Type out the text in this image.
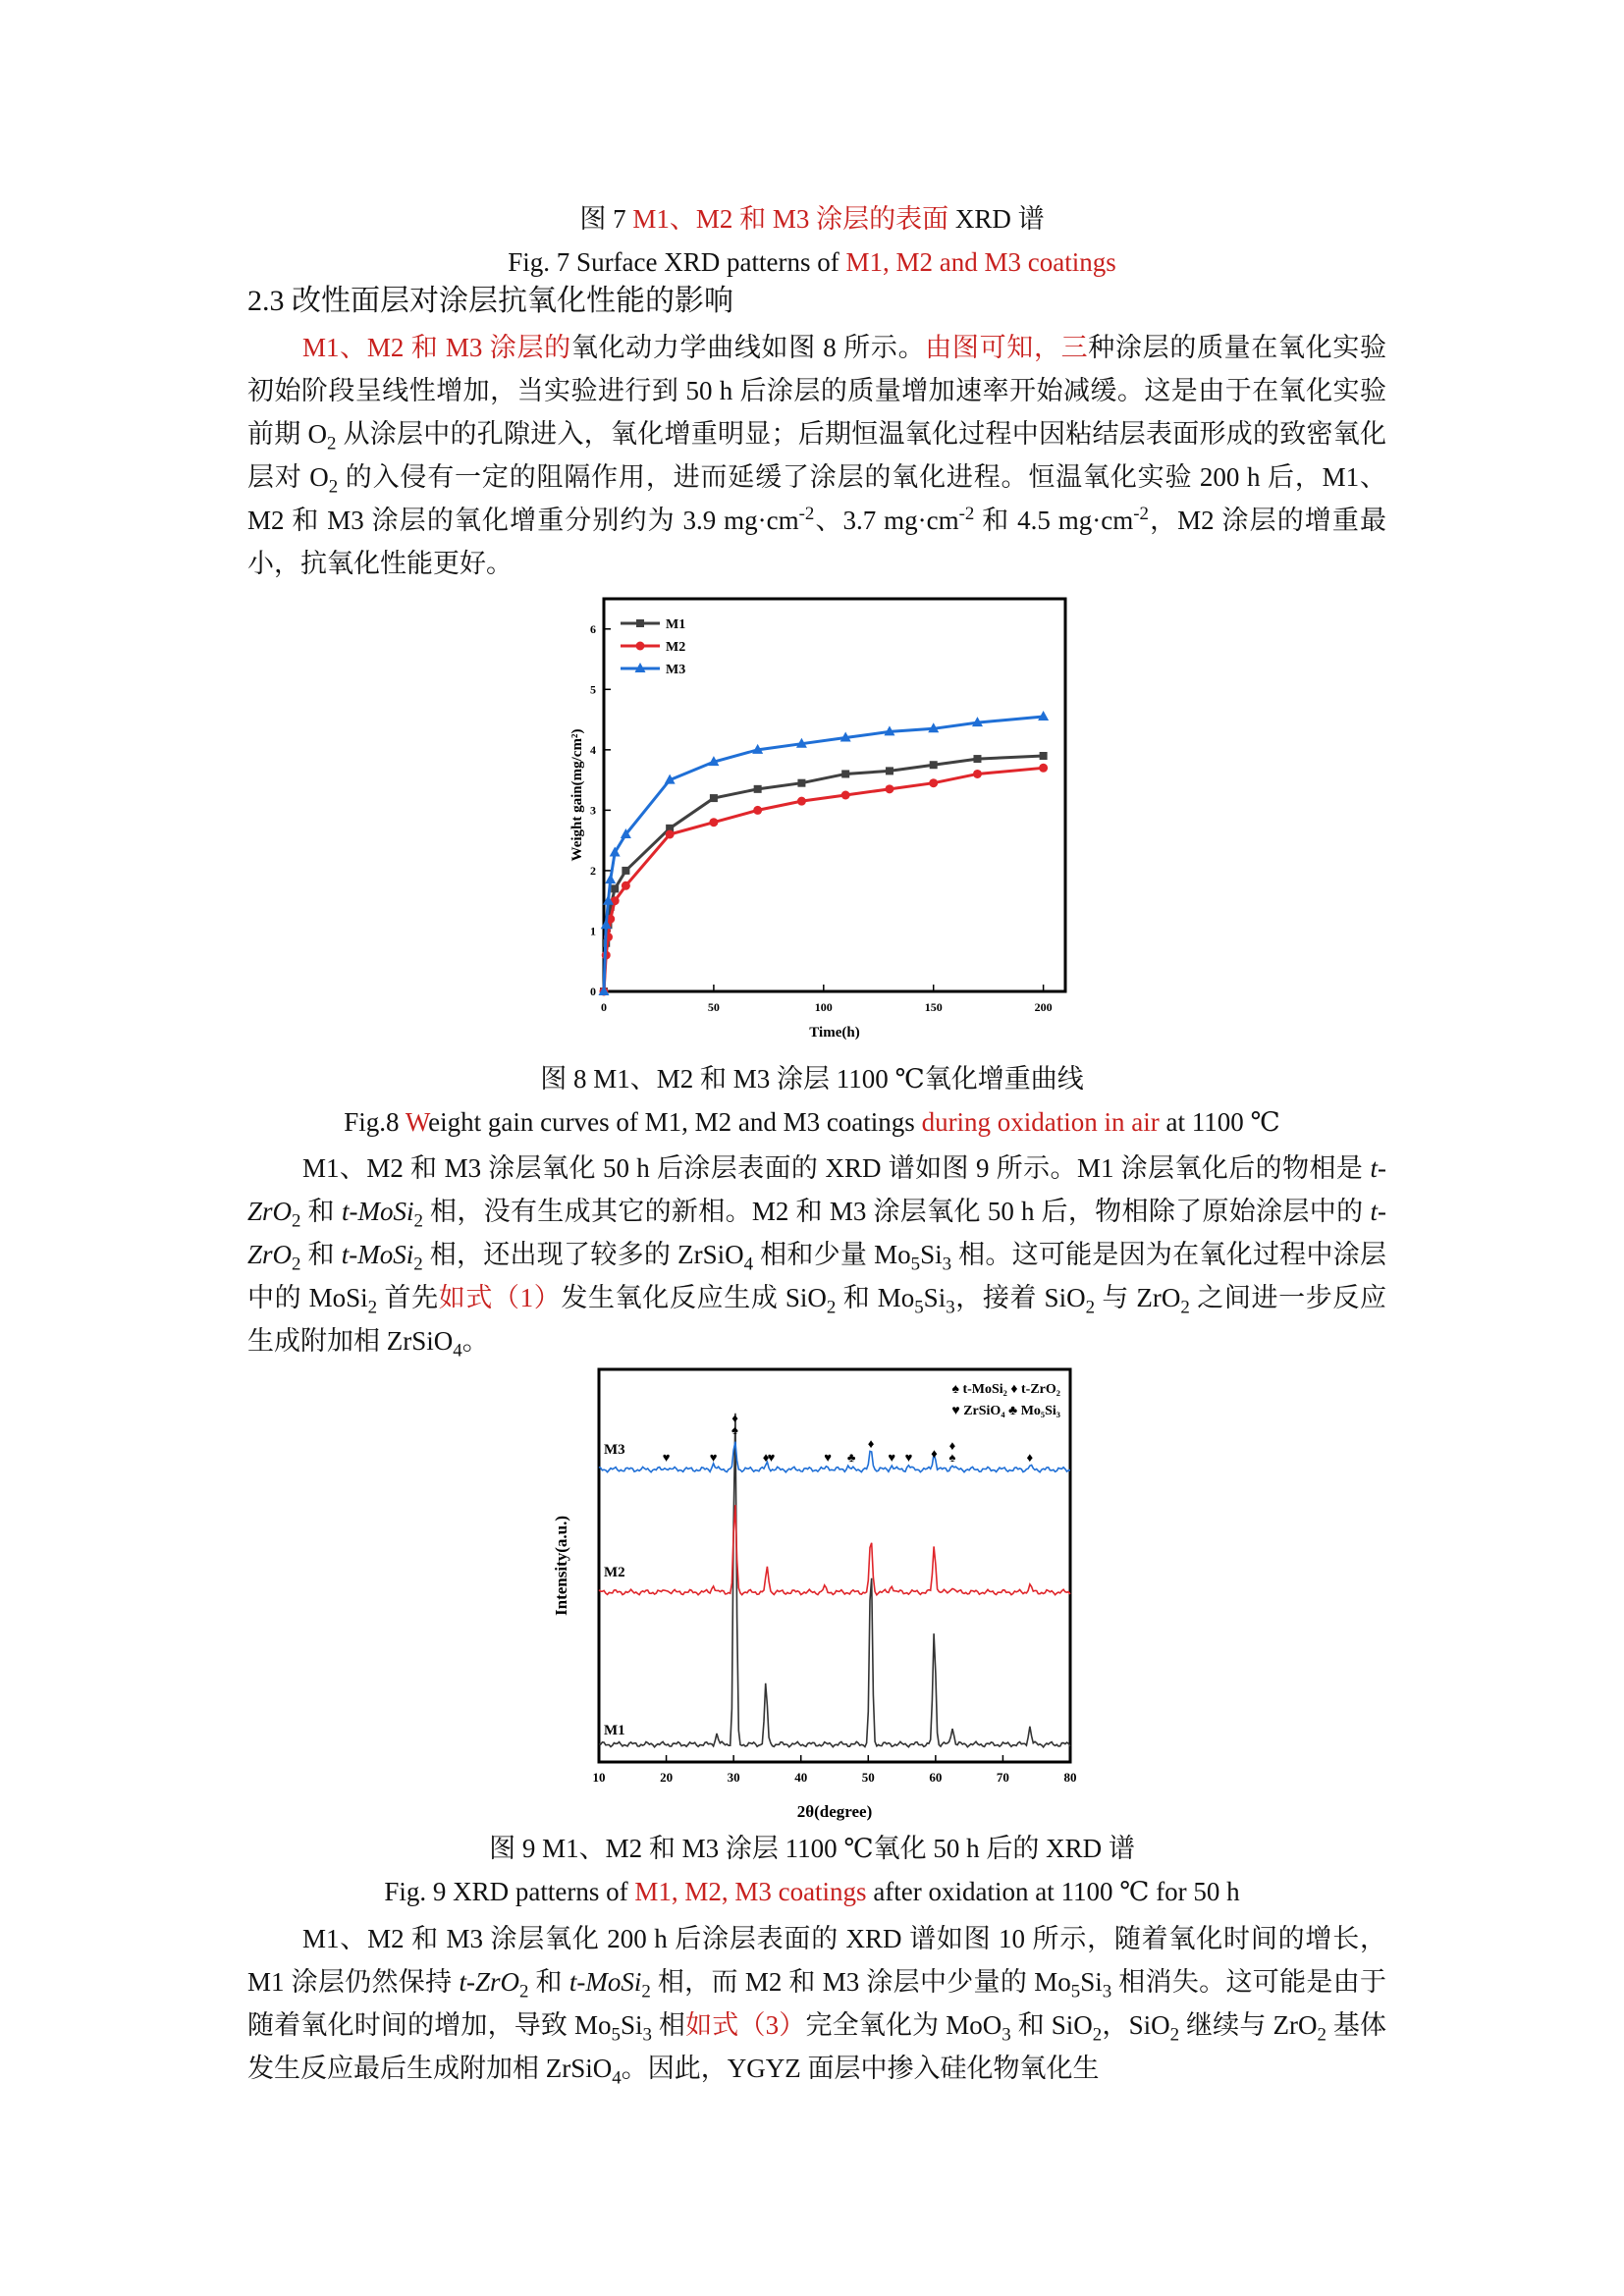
图 7 M1、M2 和 M3 涂层的表面 XRD 谱
Fig. 7 Surface XRD patterns of M1, M2 and M3 coatings
2.3 改性面层对涂层抗氧化性能的影响

M1、M2 和 M3 涂层的氧化动力学曲线如图 8 所示。由图可知，三种涂层的质量在氧化实验初始阶段呈线性增加，当实验进行到 50 h 后涂层的质量增加速率开始减缓。这是由于在氧化实验前期 $O_2$ 从涂层中的孔隙进入，氧化增重明显；后期恒温氧化过程中因粘结层表面形成的致密氧化层对 $O_2$ 的入侵有一定的阻隔作用，进而延缓了涂层的氧化进程。恒温氧化实验 200 h 后，M1、M2 和 M3 涂层的氧化增重分别约为 3.9 $mg\cdot cm^{-2}$、3.7 $mg\cdot cm^{-2}$ 和 4.5 $mg\cdot cm^{-2}$，M2 涂层的增重最小，抗氧化性能更好。

0	50	100	150	200
0
1
2
3
4
5
6	M1
M2
M3
Time(h)
Weight gain(mg/cm²)
图 8 M1、M2 和 M3 涂层 1100 ℃氧化增重曲线
Fig.8 Weight gain curves of M1, M2 and M3 coatings during oxidation in air at 1100 ℃

M1、M2 和 M3 涂层氧化 50 h 后涂层表面的 XRD 谱如图 9 所示。M1 涂层氧化后的物相是 t-ZrO$_2$ 和 t-MoSi$_2$ 相，没有生成其它的新相。M2 和 M3 涂层氧化 50 h 后，物相除了原始涂层中的 t-ZrO$_2$ 和 t-MoSi$_2$ 相，还出现了较多的 ZrSiO$_4$ 相和少量 $Mo_5Si_3$ 相。这可能是因为在氧化过程中涂层中的 MoSi$_2$ 首先如式（1）发生氧化反应生成 SiO$_2$ 和 $Mo_5Si_3$，接着 SiO$_2$ 与 ZrO$_2$ 之间进一步反应生成附加相 ZrSiO$_4$。

10	20	30	40	50	60	70	80
M1
M2
M3	♥	♥
♠
♦
♦
♥	♥ ♣
♦
♥ ♥ ♦ ♠
♦
♦
♠ t-MoSi₂ ♦ t-ZrO₂
♥ ZrSiO₄ ♣ Mo₅Si₃
2θ(degree)
Intensity(a.u.)
图 9 M1、M2 和 M3 涂层 1100 ℃氧化 50 h 后的 XRD 谱
Fig. 9 XRD patterns of M1, M2, M3 coatings after oxidation at 1100 ℃ for 50 h

M1、M2 和 M3 涂层氧化 200 h 后涂层表面的 XRD 谱如图 10 所示，随着氧化时间的增长，M1 涂层仍然保持 t-ZrO$_2$ 和 t-MoSi$_2$ 相，而 M2 和 M3 涂层中少量的 $Mo_5Si_3$ 相消失。这可能是由于随着氧化时间的增加，导致 $Mo_5Si_3$ 相如式（3）完全氧化为 MoO$_3$ 和 SiO$_2$，SiO$_2$ 继续与 ZrO$_2$ 基体发生反应最后生成附加相 ZrSiO$_4$。因此，YGYZ 面层中掺入硅化物氧化生
